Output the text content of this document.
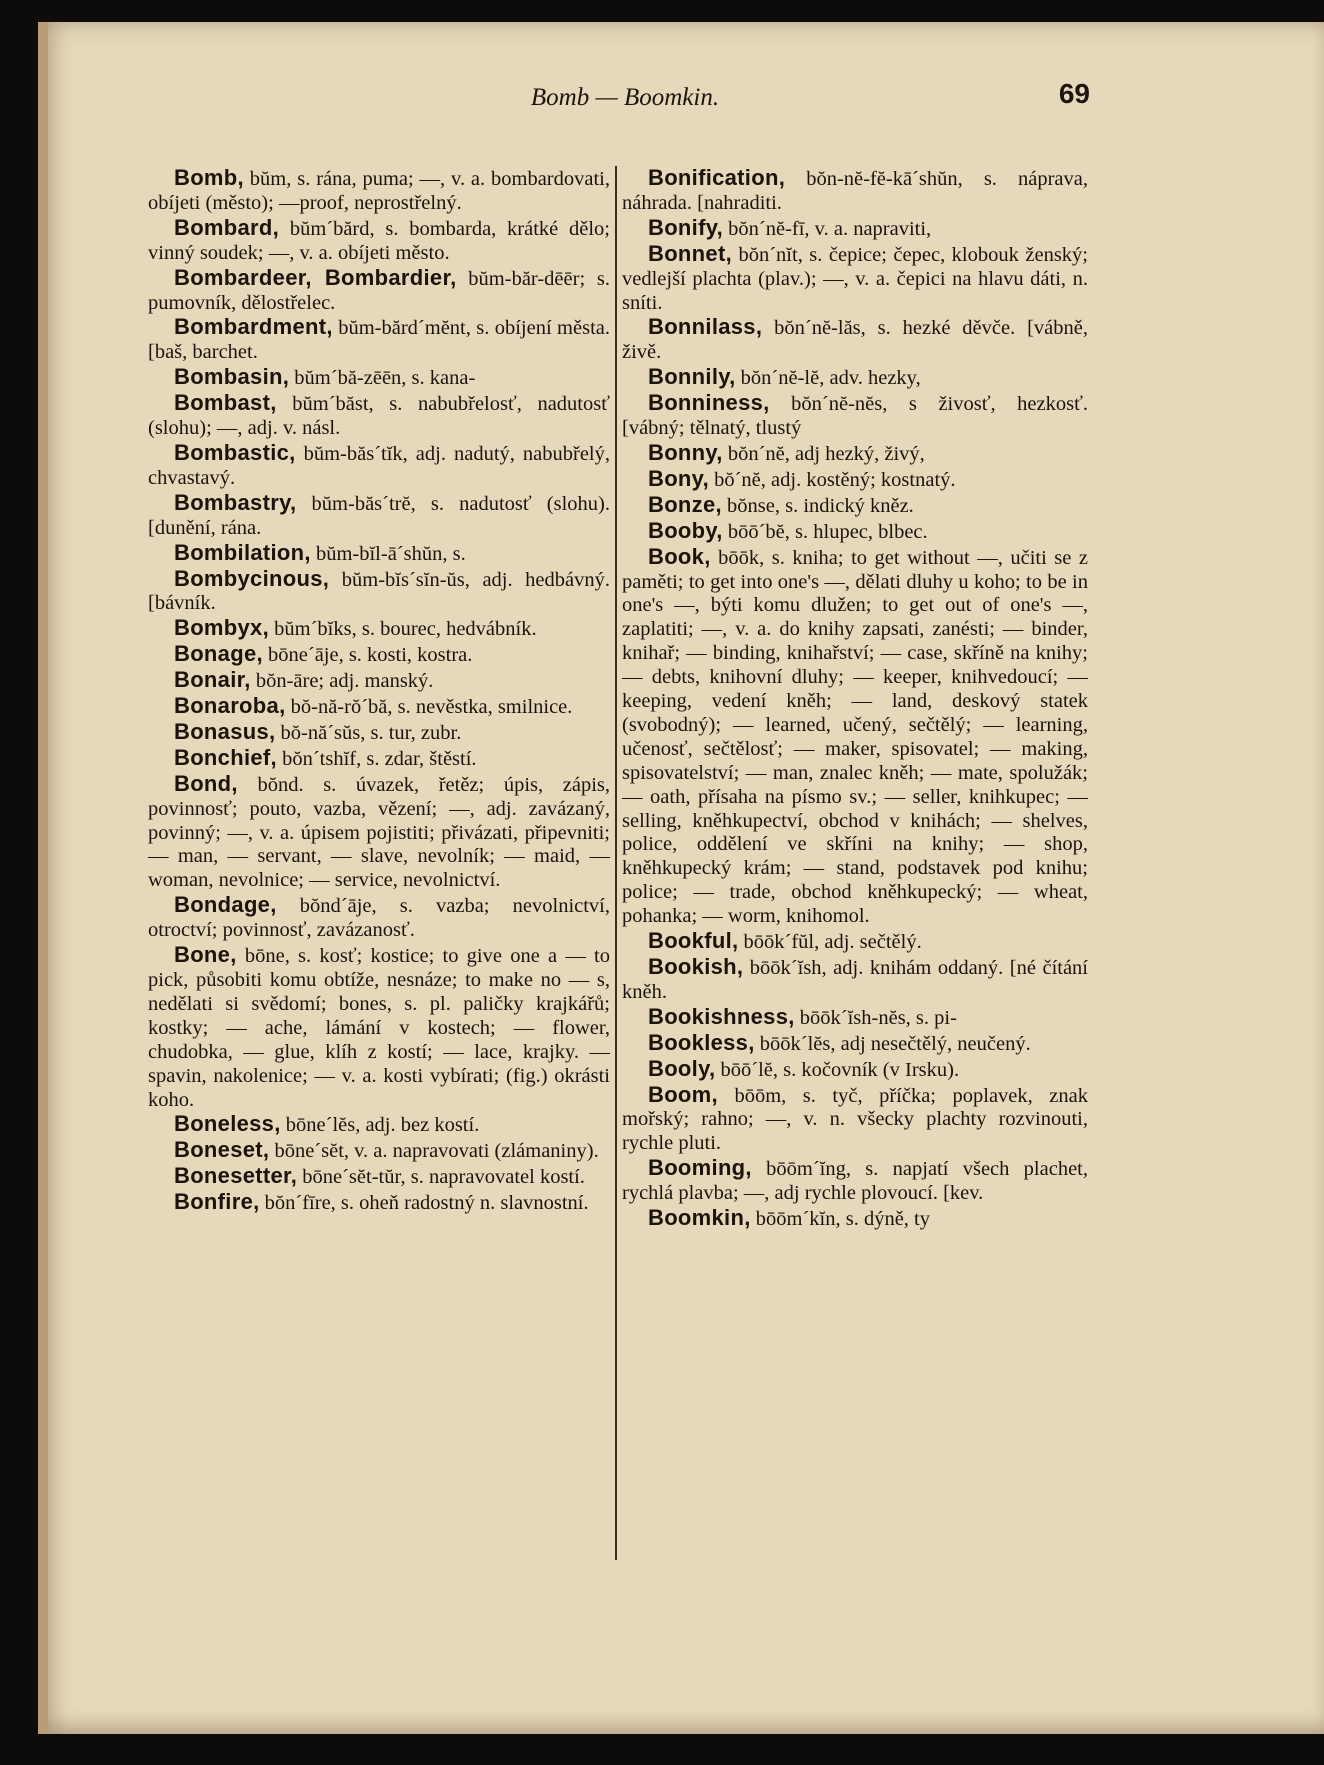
Bomb — Boomkin.	69

Bomb, bŭm, s. rána, puma; —, v. a. bombardovati, obíjeti (město); —proof, neprostřelný.

Bombard, bŭm´bărd, s. bombarda, krátké dělo; vinný soudek; —, v. a. obíjeti město.

Bombardeer, Bombardier, bŭm-băr-dēēr; s. pumovník, dělostřelec.

Bombardment, bŭm-bărd´mĕnt, s. obíjení města. [baš, barchet.

Bombasin, bŭm´bă-zēēn, s. kana-

Bombast, bŭm´băst, s. nabubřelosť, nadutosť (slohu); —, adj. v. násl.

Bombastic, bŭm-băs´tĭk, adj. nadutý, nabubřelý, chvastavý.

Bombastry, bŭm-băs´trĕ, s. nadutosť (slohu). [dunění, rána.

Bombilation, bŭm-bĭl-ā´shŭn, s.

Bombycinous, bŭm-bĭs´sĭn-ŭs, adj. hedbávný. [bávník.

Bombyx, bŭm´bĭks, s. bourec, hedvábník.

Bonage, bōne´āje, s. kosti, kostra.

Bonair, bŏn-āre; adj. manský.

Bonaroba, bŏ-nă-rŏ´bă, s. nevěstka, smilnice.

Bonasus, bŏ-nă´sŭs, s. tur, zubr.

Bonchief, bŏn´tshĭf, s. zdar, štěstí.

Bond, bŏnd. s. úvazek, řetěz; úpis, zápis, povinnosť; pouto, vazba, vězení; —, adj. zavázaný, povinný; —, v. a. úpisem pojistiti; přivázati, připevniti; — man, — servant, — slave, nevolník; — maid, — woman, nevolnice; — service, nevolnictví.

Bondage, bŏnd´āje, s. vazba; nevolnictví, otroctví; povinnosť, zavázanosť.

Bone, bōne, s. kosť; kostice; to give one a — to pick, působiti komu obtíže, nesnáze; to make no — s, nedělati si svědomí; bones, s. pl. paličky krajkářů; kostky; — ache, lámání v kostech; — flower, chudobka, — glue, klíh z kostí; — lace, krajky. — spavin, nakolenice; — v. a. kosti vybírati; (fig.) okrásti koho.

Boneless, bōne´lĕs, adj. bez kostí.

Boneset, bōne´sĕt, v. a. napravovati (zlámaniny).

Bonesetter, bōne´sĕt-tŭr, s. napravovatel kostí.

Bonfire, bŏn´fīre, s. oheň radostný n. slavnostní.

Bonification, bŏn-nĕ-fĕ-kā´shŭn, s. náprava, náhrada. [nahraditi.

Bonify, bŏn´nĕ-fī, v. a. napraviti,

Bonnet, bŏn´nĭt, s. čepice; čepec, klobouk ženský; vedlejší plachta (plav.); —, v. a. čepici na hlavu dáti, n. sníti.

Bonnilass, bŏn´nĕ-lăs, s. hezké děvče. [vábně, živě.

Bonnily, bŏn´nĕ-lĕ, adv. hezky,

Bonniness, bŏn´nĕ-nĕs, s živosť, hezkosť. [vábný; tělnatý, tlustý

Bonny, bŏn´nĕ, adj hezký, živý,

Bony, bŏ´nĕ, adj. kostěný; kostnatý.

Bonze, bŏnse, s. indický kněz.

Booby, bōō´bĕ, s. hlupec, blbec.

Book, bōōk, s. kniha; to get without —, učiti se z paměti; to get into one's —, dělati dluhy u koho; to be in one's —, býti komu dlužen; to get out of one's —, zaplatiti; —, v. a. do knihy zapsati, zanésti; — binder, knihař; — binding, knihařství; — case, skříně na knihy; — debts, knihovní dluhy; — keeper, knihvedoucí; — keeping, vedení kněh; — land, deskový statek (svobodný); — learned, učený, sečtělý; — learning, učenosť, sečtělosť; — maker, spisovatel; — making, spisovatelství; — man, znalec kněh; — mate, spolužák; — oath, přísaha na písmo sv.; — seller, knihkupec; — selling, kněhkupectví, obchod v knihách; — shelves, police, oddělení ve skříni na knihy; — shop, kněhkupecký krám; — stand, podstavek pod knihu; police; — trade, obchod kněhkupecký; — wheat, pohanka; — worm, knihomol.

Bookful, bōōk´fŭl, adj. sečtělý.

Bookish, bōōk´ĭsh, adj. knihám oddaný. [né čítání kněh.

Bookishness, bōōk´ĭsh-nĕs, s. pi-

Bookless, bōōk´lĕs, adj nesečtělý, neučený.

Booly, bōō´lĕ, s. kočovník (v Irsku).

Boom, bōōm, s. tyč, příčka; poplavek, znak mořský; rahno; —, v. n. všecky plachty rozvinouti, rychle pluti.

Booming, bōōm´ĭng, s. napjatí všech plachet, rychlá plavba; —, adj rychle plovoucí. [kev.

Boomkin, bōōm´kĭn, s. dýně, ty
